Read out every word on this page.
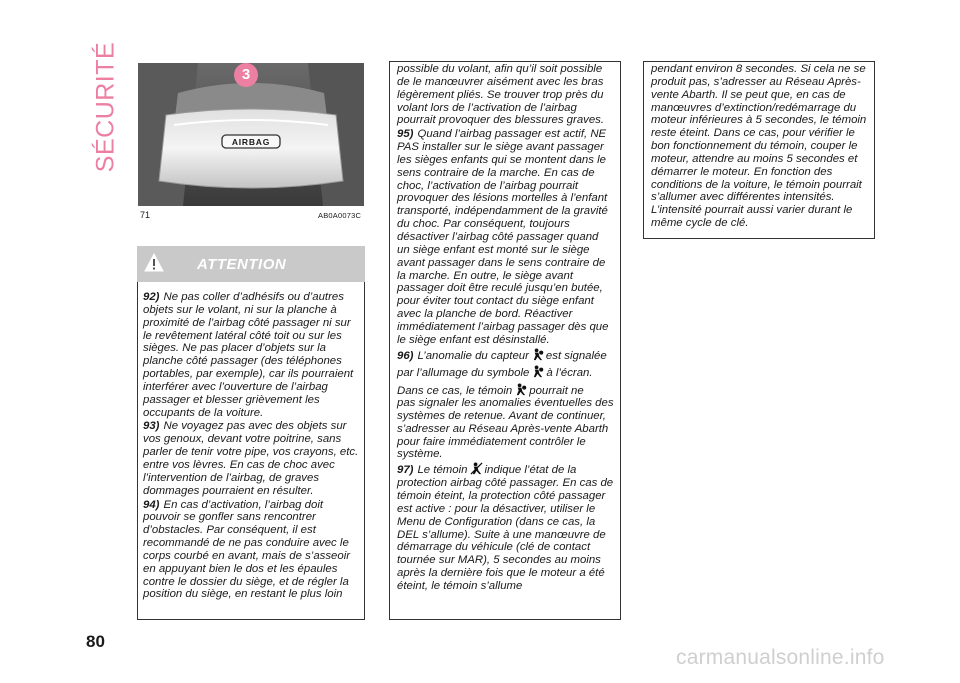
SÉCURITÉ	AIRBAG
3
71	AB0A0073C
ATTENTION

92) Ne pas coller d’adhésifs ou d’autres objets sur le volant, ni sur la planche à proximité de l’airbag côté passager ni sur le revêtement latéral côté toit ou sur les sièges. Ne pas placer d’objets sur la planche côté passager (des téléphones portables, par exemple), car ils pourraient interférer avec l’ouverture de l’airbag passager et blesser grièvement les occupants de la voiture.

93) Ne voyagez pas avec des objets sur vos genoux, devant votre poitrine, sans parler de tenir votre pipe, vos crayons, etc. entre vos lèvres. En cas de choc avec l’intervention de l’airbag, de graves dommages pourraient en résulter.

94) En cas d’activation, l’airbag doit pouvoir se gonfler sans rencontrer d’obstacles. Par conséquent, il est recommandé de ne pas conduire avec le corps courbé en avant, mais de s’asseoir en appuyant bien le dos et les épaules contre le dossier du siège, et de régler la position du siège, en restant le plus loin

possible du volant, afin qu’il soit possible de le manœuvrer aisément avec les bras légèrement pliés. Se trouver trop près du volant lors de l’activation de l’airbag pourrait provoquer des blessures graves.

95) Quand l’airbag passager est actif, NE PAS installer sur le siège avant passager les sièges enfants qui se montent dans le sens contraire de la marche. En cas de choc, l’activation de l’airbag pourrait provoquer des lésions mortelles à l’enfant transporté, indépendamment de la gravité du choc. Par conséquent, toujours désactiver l’airbag côté passager quand un siège enfant est monté sur le siège avant passager dans le sens contraire de la marche. En outre, le siège avant passager doit être reculé jusqu’en butée, pour éviter tout contact du siège enfant avec la planche de bord. Réactiver immédiatement l’airbag passager dès que le siège enfant est désinstallé.

96) L’anomalie du capteur est signalée par l’allumage du symbole à l’écran. Dans ce cas, le témoin pourrait ne

pas signaler les anomalies éventuelles des systèmes de retenue. Avant de continuer, s’adresser au Réseau Après-vente Abarth pour faire immédiatement contrôler le système.

97) Le témoin indique l’état de la protection airbag côté passager. En cas de témoin éteint, la protection côté passager est active : pour la désactiver, utiliser le Menu de Configuration (dans ce cas, la DEL s’allume). Suite à une manœuvre de démarrage du véhicule (clé de contact tournée sur MAR), 5 secondes au moins après la dernière fois que le moteur a été éteint, le témoin s’allume

pendant environ 8 secondes. Si cela ne se produit pas, s’adresser au Réseau Après-vente Abarth. Il se peut que, en cas de manœuvres d’extinction/redémarrage du moteur inférieures à 5 secondes, le témoin reste éteint. Dans ce cas, pour vérifier le bon fonctionnement du témoin, couper le moteur, attendre au moins 5 secondes et démarrer le moteur. En fonction des conditions de la voiture, le témoin pourrait s’allumer avec différentes intensités. L’intensité pourrait aussi varier durant le même cycle de clé.

80
carmanualsonline.info
